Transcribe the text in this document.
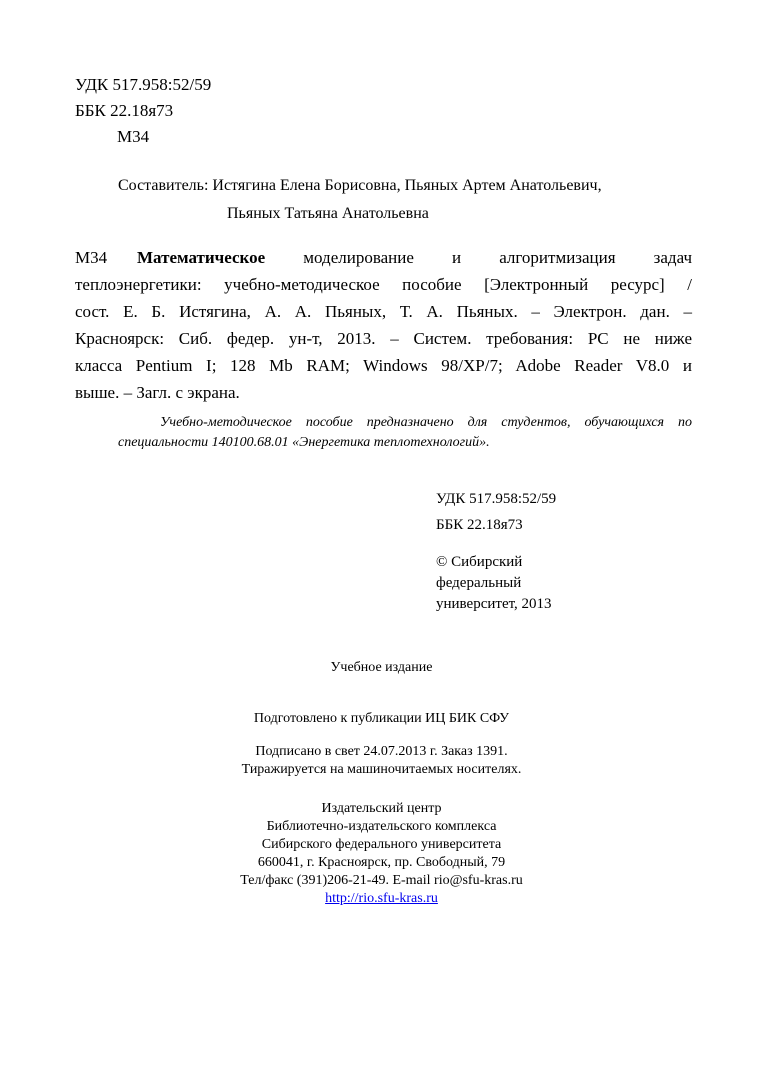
УДК 517.958:52/59
ББК 22.18я73
М34
Составитель: Истягина Елена Борисовна, Пьяных Артем Анатольевич,
Пьяных Татьяна Анатольевна
М34 Математическое моделирование и алгоритмизация задач
теплоэнергетики: учебно-методическое пособие [Электронный ресурс] /
сост. Е. Б. Истягина, А. А. Пьяных, Т. А. Пьяных. – Электрон. дан. –
Красноярск: Сиб. федер. ун-т, 2013. – Систем. требования: PC не ниже
класса Pentium I; 128 Mb RAM; Windows 98/XP/7; Adobe Reader V8.0 и
выше. – Загл. с экрана.
Учебно-методическое пособие предназначено для студентов, обучающихся по
специальности 140100.68.01 «Энергетика теплотехнологий».
УДК 517.958:52/59
ББК 22.18я73
© Сибирский
федеральный
университет, 2013
Учебное издание
Подготовлено к публикации ИЦ БИК СФУ
Подписано в свет 24.07.2013 г. Заказ 1391.
Тиражируется на машиночитаемых носителях.
Издательский центр
Библиотечно-издательского комплекса
Сибирского федерального университета
660041, г. Красноярск, пр. Свободный, 79
Тел/факс (391)206-21-49. E-mail rio@sfu-kras.ru
http://rio.sfu-kras.ru
